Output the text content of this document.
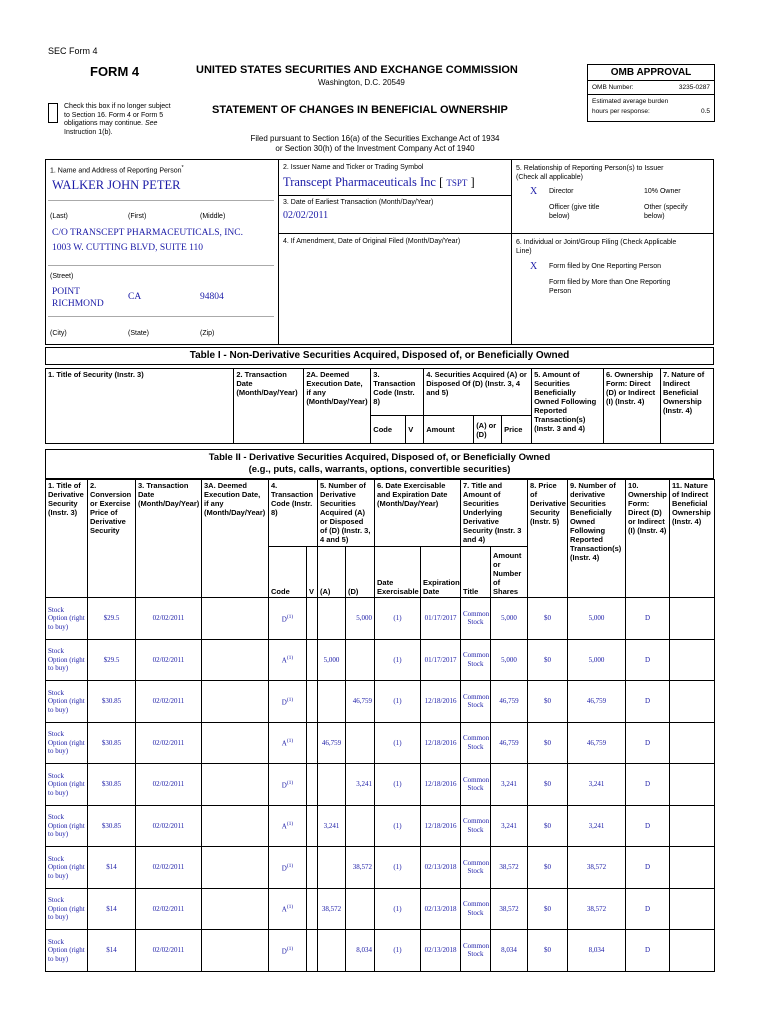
SEC Form 4
FORM 4	UNITED STATES SECURITIES AND EXCHANGE COMMISSION
Washington, D.C. 20549
Check this box if no longer subject
to Section 16. Form 4 or Form 5
obligations may continue. See
Instruction 1(b).
STATEMENT OF CHANGES IN BENEFICIAL OWNERSHIP
Filed pursuant to Section 16(a) of the Securities Exchange Act of 1934
or Section 30(h) of the Investment Company Act of 1940
OMB APPROVAL
OMB Number:	3235-0287
Estimated average burden
hours per response:	0.5
1. Name and Address of Reporting Person*
WALKER JOHN PETER
(Last)	(First)	(Middle)
C/O TRANSCEPT PHARMACEUTICALS, INC.
1003 W. CUTTING BLVD, SUITE 110
(Street)
POINT
RICHMOND
CA	94804
(City)	(State)	(Zip)
2. Issuer Name and Ticker or Trading Symbol
Transcept Pharmaceuticals Inc [ TSPT ]
3. Date of Earliest Transaction (Month/Day/Year)
02/02/2011
4. If Amendment, Date of Original Filed (Month/Day/Year)
5. Relationship of Reporting Person(s) to Issuer
(Check all applicable)
X Director	10% Owner
Officer (give title
below)
Other (specify
below)
6. Individual or Joint/Group Filing (Check Applicable
Line)
X Form filed by One Reporting Person
Form filed by More than One Reporting
Person
Table I - Non-Derivative Securities Acquired, Disposed of, or Beneficially Owned
1. Title of Security (Instr. 3)	2. Transaction Date (Month/Day/Year)	2A. Deemed Execution Date, if any (Month/Day/Year)	3. Transaction Code (Instr. 8)		4. Securities Acquired (A) or Disposed Of (D) (Instr. 3, 4 and 5)			5. Amount of Securities Beneficially Owned Following Reported Transaction(s) (Instr. 3 and 4)	6. Ownership Form: Direct (D) or Indirect (I) (Instr. 4)	7. Nature of Indirect Beneficial Ownership (Instr. 4)
			Code	V	Amount	(A) or (D)	Price			
Table II - Derivative Securities Acquired, Disposed of, or Beneficially Owned
(e.g., puts, calls, warrants, options, convertible securities)
1. Title of Derivative Security (Instr. 3)	2. Conversion or Exercise Price of Derivative Security	3. Transaction Date (Month/Day/Year)	3A. Deemed Execution Date, if any (Month/Day/Year)	4. Transaction Code (Instr. 8)		5. Number of Derivative Securities Acquired (A) or Disposed of (D) (Instr. 3, 4 and 5)		6. Date Exercisable and Expiration Date (Month/Day/Year)		7. Title and Amount of Securities Underlying Derivative Security (Instr. 3 and 4)		8. Price of Derivative Security (Instr. 5)	9. Number of derivative Securities Beneficially Owned Following Reported Transaction(s) (Instr. 4)	10. Ownership Form: Direct (D) or Indirect (I) (Instr. 4)	11. Nature of Indirect Beneficial Ownership (Instr. 4)
				Code	V	(A)	(D)	Date Exercisable	Expiration Date	Title	Amount or Number of Shares				
Stock Option (right to buy)	$29.5	02/02/2011		$D^{(1)}$			5,000	(1)	01/17/2017	Common Stock	5,000	$0	5,000	D	
Stock Option (right to buy)	$29.5	02/02/2011		$A^{(1)}$		5,000		(1)	01/17/2017	Common Stock	5,000	$0	5,000	D	
Stock Option (right to buy)	$30.85	02/02/2011		$D^{(1)}$			46,759	(1)	12/18/2016	Common Stock	46,759	$0	46,759	D	
Stock Option (right to buy)	$30.85	02/02/2011		$A^{(1)}$		46,759		(1)	12/18/2016	Common Stock	46,759	$0	46,759	D	
Stock Option (right to buy)	$30.85	02/02/2011		$D^{(1)}$			3,241	(1)	12/18/2016	Common Stock	3,241	$0	3,241	D	
Stock Option (right to buy)	$30.85	02/02/2011		$A^{(1)}$		3,241		(1)	12/18/2016	Common Stock	3,241	$0	3,241	D	
Stock Option (right to buy)	$14	02/02/2011		$D^{(1)}$			38,572	(1)	02/13/2018	Common Stock	38,572	$0	38,572	D	
Stock Option (right to buy)	$14	02/02/2011		$A^{(1)}$		38,572		(1)	02/13/2018	Common Stock	38,572	$0	38,572	D	
Stock Option (right to buy)	$14	02/02/2011		$D^{(1)}$			8,034	(1)	02/13/2018	Common Stock	8,034	$0	8,034	D	
